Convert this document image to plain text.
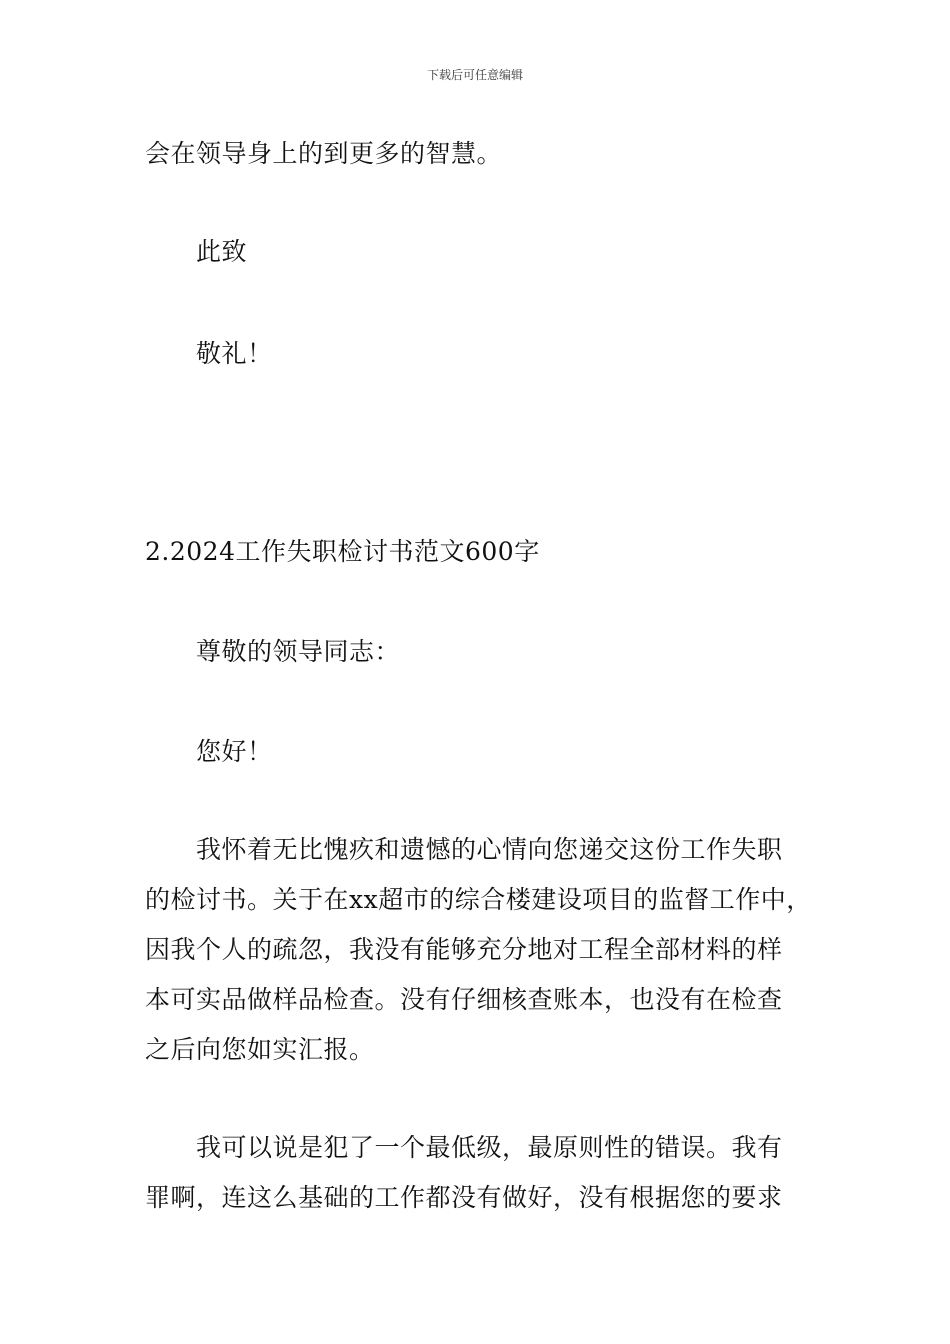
下载后可任意编辑
会在领导身上的到更多的智慧。
此致
敬礼！
2.2024工作失职检讨书范文600字
尊敬的领导同志：
您好！
我怀着无比愧疚和遗憾的心情向您递交这份工作失职
的检讨书。关于在xx超市的综合楼建设项目的监督工作中，
因我个人的疏忽，我没有能够充分地对工程全部材料的样
本可实品做样品检查。没有仔细核查账本，也没有在检查
之后向您如实汇报。
我可以说是犯了一个最低级，最原则性的错误。我有
罪啊，连这么基础的工作都没有做好，没有根据您的要求
